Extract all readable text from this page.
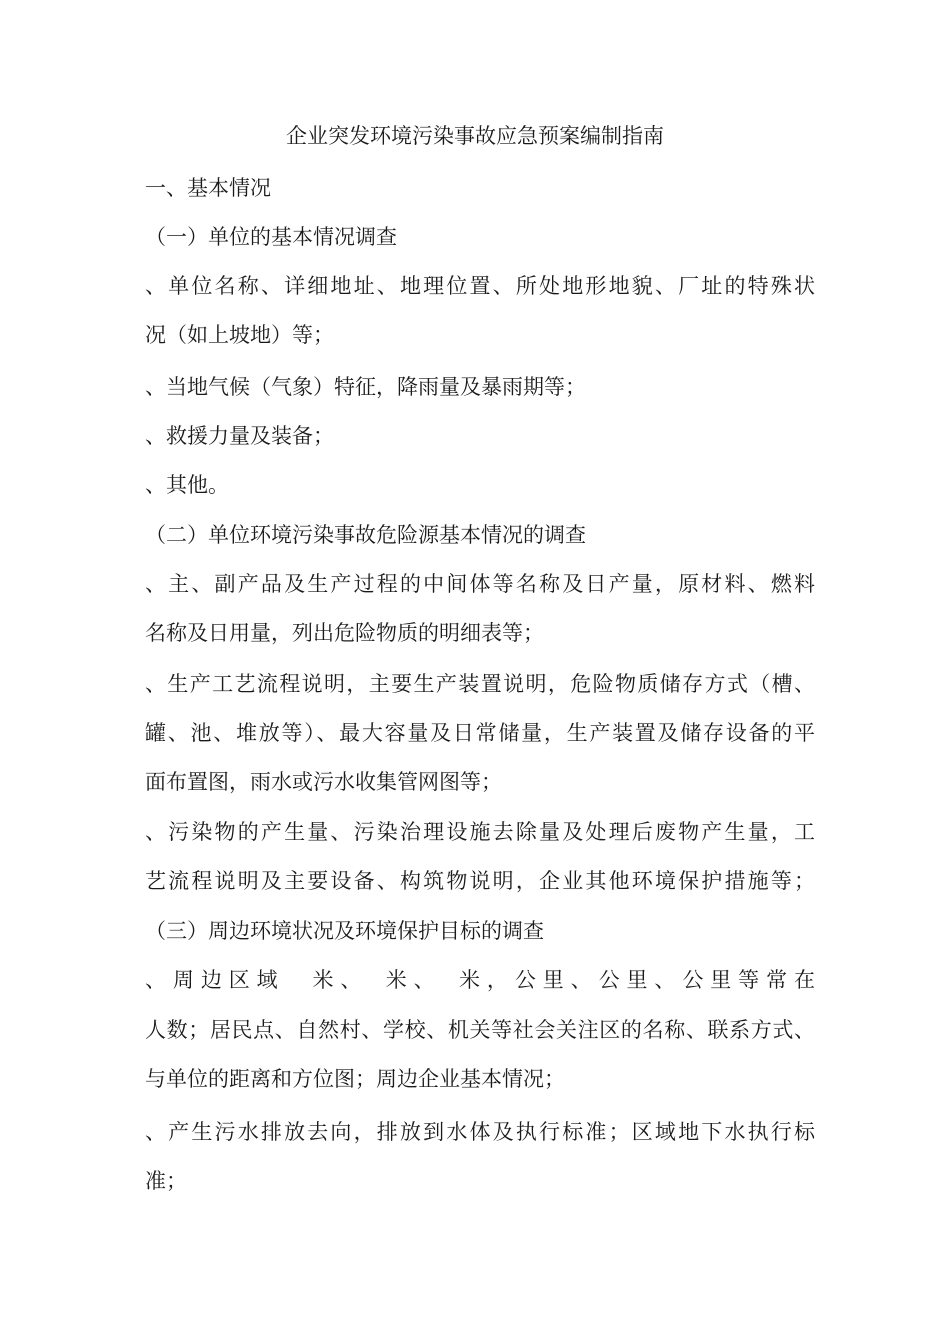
企业突发环境污染事故应急预案编制指南
一、基本情况
（一）单位的基本情况调查
、单位名称、详细地址、地理位置、所处地形地貌、厂址的特殊状
况（如上坡地）等；
、当地气候（气象）特征，降雨量及暴雨期等；
、救援力量及装备；
、其他。
（二）单位环境污染事故危险源基本情况的调查
、主、副产品及生产过程的中间体等名称及日产量，原材料、燃料
名称及日用量，列出危险物质的明细表等；
、生产工艺流程说明，主要生产装置说明，危险物质储存方式（槽、
罐、池、堆放等）、最大容量及日常储量，生产装置及储存设备的平
面布置图，雨水或污水收集管网图等；
、污染物的产生量、污染治理设施去除量及处理后废物产生量，工
艺流程说明及主要设备、构筑物说明，企业其他环境保护措施等；
（三）周边环境状况及环境保护目标的调查
、周边区域　米、　米、　米，公里、公里、公里等常在
人数；居民点、自然村、学校、机关等社会关注区的名称、联系方式、
与单位的距离和方位图；周边企业基本情况；
、产生污水排放去向，排放到水体及执行标准；区域地下水执行标
准；
